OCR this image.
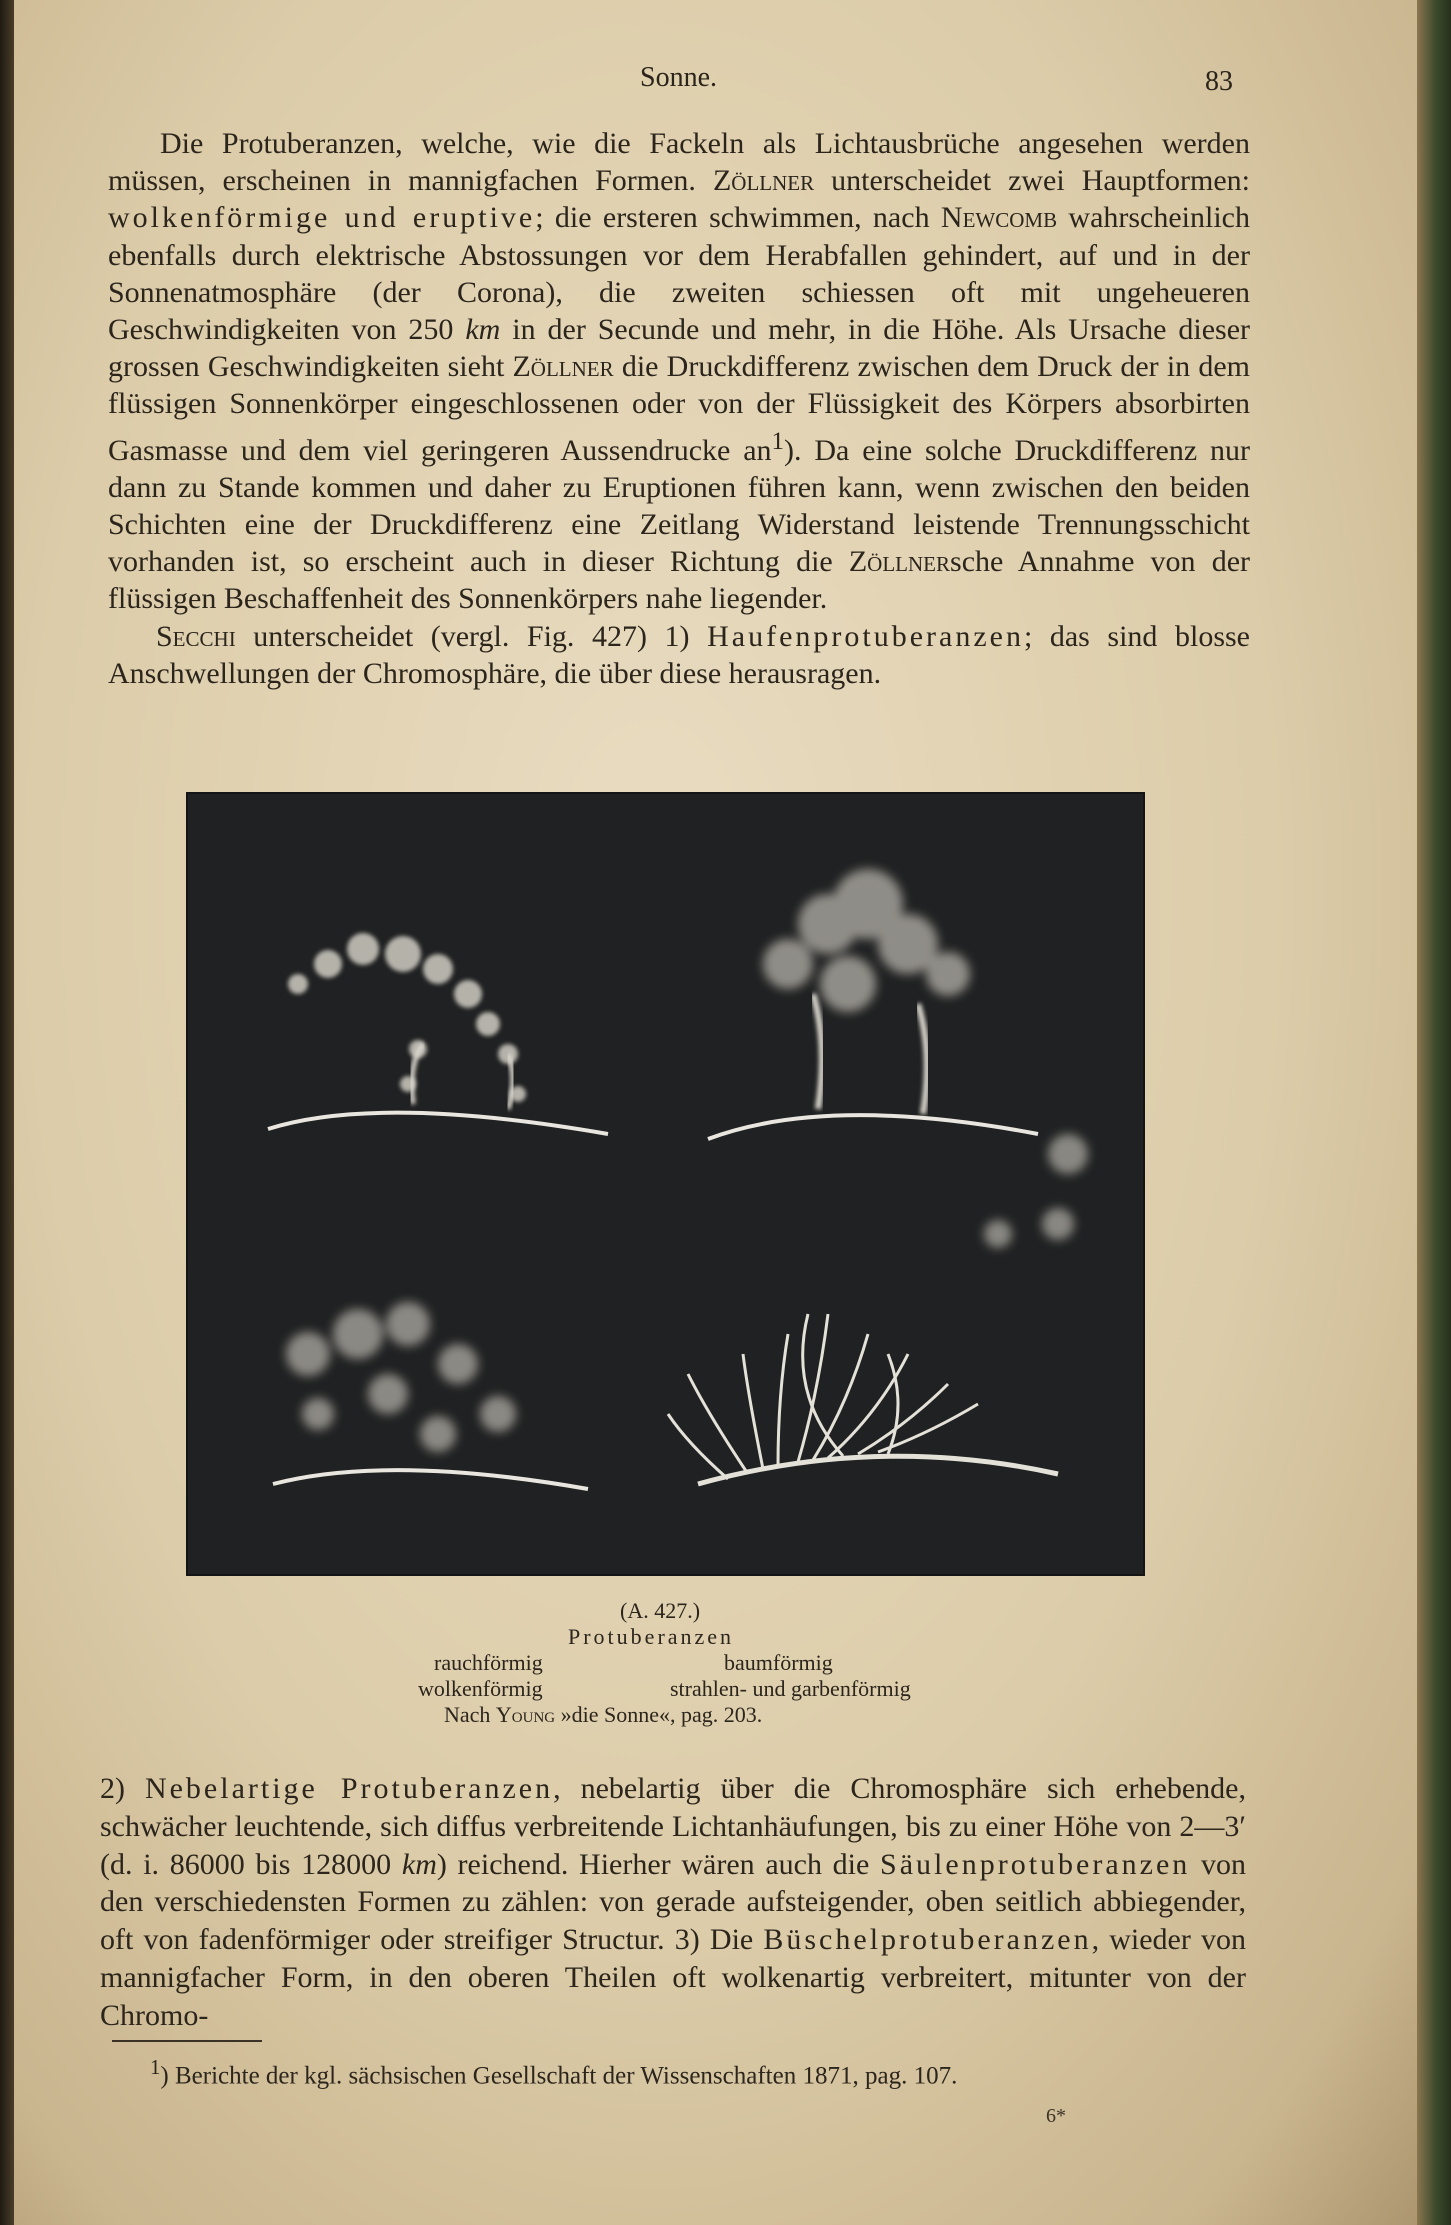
Sonne.	83

Die Protuberanzen, welche, wie die Fackeln als Lichtausbrüche angesehen werden müssen, erscheinen in mannigfachen Formen. Zöllner unterscheidet zwei Hauptformen: wolkenförmige und eruptive; die ersteren schwimmen, nach Newcomb wahrscheinlich ebenfalls durch elektrische Abstossungen vor dem Herabfallen gehindert, auf und in der Sonnenatmosphäre (der Corona), die zweiten schiessen oft mit ungeheueren Geschwindigkeiten von 250 km in der Secunde und mehr, in die Höhe. Als Ursache dieser grossen Geschwindigkeiten sieht Zöllner die Druckdifferenz zwischen dem Druck der in dem flüssigen Sonnenkörper eingeschlossenen oder von der Flüssigkeit des Körpers absorbirten Gasmasse und dem viel geringeren Aussendrucke $an^1$). Da eine solche Druckdifferenz nur dann zu Stande kommen und daher zu Eruptionen führen kann, wenn zwischen den beiden Schichten eine der Druckdifferenz eine Zeitlang Widerstand leistende Trennungsschicht vorhanden ist, so erscheint auch in dieser Richtung die Zöllnersche Annahme von der flüssigen Beschaffenheit des Sonnenkörpers nahe liegender.

Secchi unterscheidet (vergl. Fig. 427) 1) Haufenprotuberanzen; das sind blosse Anschwellungen der Chromosphäre, die über diese herausragen.

(A. 427.)
Protuberanzen
rauchförmig	baumförmig
wolkenförmig	strahlen- und garbenförmig
Nach Young »die Sonne«, pag. 203.

2) Nebelartige Protuberanzen, nebelartig über die Chromosphäre sich erhebende, schwächer leuchtende, sich diffus verbreitende Lichtanhäufungen, bis zu einer Höhe von 2—3′ (d. i. 86000 bis 128000 km) reichend. Hierher wären auch die Säulenprotuberanzen von den verschiedensten Formen zu zählen: von gerade aufsteigender, oben seitlich abbiegender, oft von fadenförmiger oder streifiger Structur. 3) Die Büschelprotuberanzen, wieder von mannigfacher Form, in den oberen Theilen oft wolkenartig verbreitert, mitunter von der Chromo-

$^1$) Berichte der kgl. sächsischen Gesellschaft der Wissenschaften 1871, pag. 107.
6*
